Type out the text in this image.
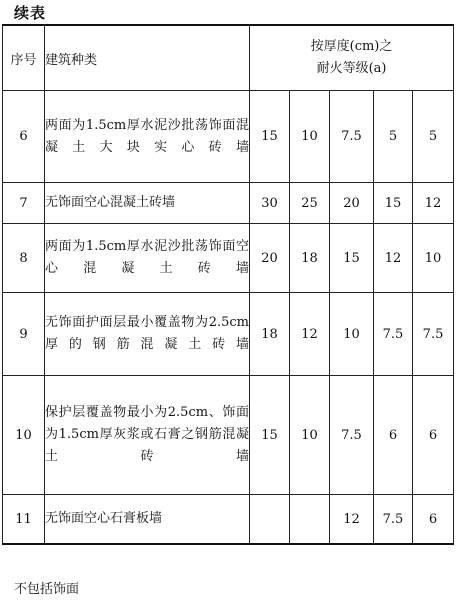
续表
序号	建筑种类	按厚度(cm)之
耐火等级(a)				

6	两面为1.5cm厚水泥沙批荡饰面混凝土大块实心砖墙	15	10	7.5	5	5
7	无饰面空心混凝土砖墙	30	25	20	15	12
8	两面为1.5cm厚水泥沙批荡饰面空心混凝土砖墙	20	18	15	12	10
9	无饰面护面层最小覆盖物为2.5cm厚的钢筋混凝土砖墙	18	12	10	7.5	7.5
10	保护层覆盖物最小为2.5cm、饰面为1.5cm厚灰浆或石膏之钢筋混凝土砖墙	15	10	7.5	6	6
11	无饰面空心石膏板墙			12	7.5	6
不包括饰面
